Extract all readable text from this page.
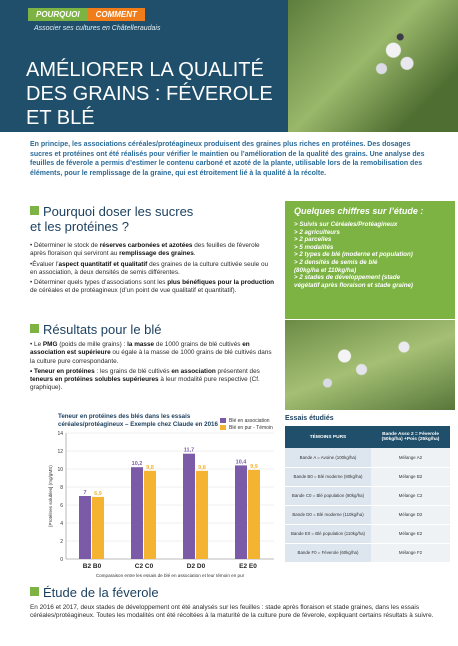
POURQUOI	COMMENT
Associer ses cultures en Châtelleraudais
AMÉLIORER LA QUALITÉ DES GRAINS : FÉVEROLE ET BLÉ

En principe, les associations céréales/protéagineux produisent des graines plus riches en protéines. Des dosages sucres et protéines ont été réalisés pour vérifier le maintien ou l’amélioration de la qualité des grains. Une analyse des feuilles de féverole a permis d’estimer le contenu carboné et azoté de la plante, utilisable lors de la remobilisation des éléments, pour le remplissage de la graine, qui est étroitement lié à la qualité à la récolte.

Pourquoi doser les sucres
et les protéines ?

• Déterminer le stock de réserves carbonées et azotées des feuilles de féverole après floraison qui serviront au remplissage des graines.

•Évaluer l’aspect quantitatif et qualitatif des graines de la culture cultivée seule ou en association, à deux densités de semis différentes.

• Déterminer quels types d’associations sont les plus bénéfiques pour la production de céréales et de protéagineux (d’un point de vue qualitatif et quantitatif).

Quelques chiffres sur l’étude :
> Suivis sur Céréales/Protéagineux
> 2 agriculteurs
> 2 parcelles
> 5 modalités
> 2 types de blé (moderne et population)
> 2 densités de semis de blé
(80kg/ha et 110kg/ha)
> 2 stades de développement (stade
végétatif après floraison et stade graine)
Résultats pour le blé

• Le PMG (poids de mille grains) : la masse de 1000 grains de blé cultivés en association est supérieure ou égale à la masse de 1000 grains de blé cultivés dans la culture pure correspondante.

• Teneur en protéines : les grains de blé cultivés en association présentent des teneurs en protéines solubles supérieures à leur modalité pure respective (Cf. graphique).

Teneur en protéines des blés dans les essais céréales/protéagineux – Exemple chez Claude en 2016	Blé en association
Blé en pur - Témoin
0
2
4
6
8
10
12
14
7 6,9
B2 B0
10,2
9,8
C2 C0
11,7
9,8
D2 D0
10,4
9,9
E2 E0
[Protéines solubles] (mg/gMS)
Comparaison entre les essais de blé en association et leur témoin en pur
Essais étudiés
TÉMOINS PURS	Bande Asso 2 = Féverole (50kg/ha) +Pois (25kg/ha)
Bande A = Avoine (100kg/ha)	Mélange A2
Bande B0 = Blé moderne (80kg/ha)	Mélange B2
Bande C0 = Blé population (80kg/ha)	Mélange C2
Bande D0 = Blé moderne (110kg/ha)	Mélange D2
Bande E0 = Blé population (110kg/ha)	Mélange E2
Bande F0 = Féverole (60kg/ha)	Mélange F2
Étude de la féverole

En 2016 et 2017, deux stades de développement ont été analysés sur les feuilles : stade après floraison et stade graines, dans les essais céréales/protéagineux. Toutes les modalités ont été récoltées à la maturité de la culture pure de féverole, expliquant certains résultats à suivre.
